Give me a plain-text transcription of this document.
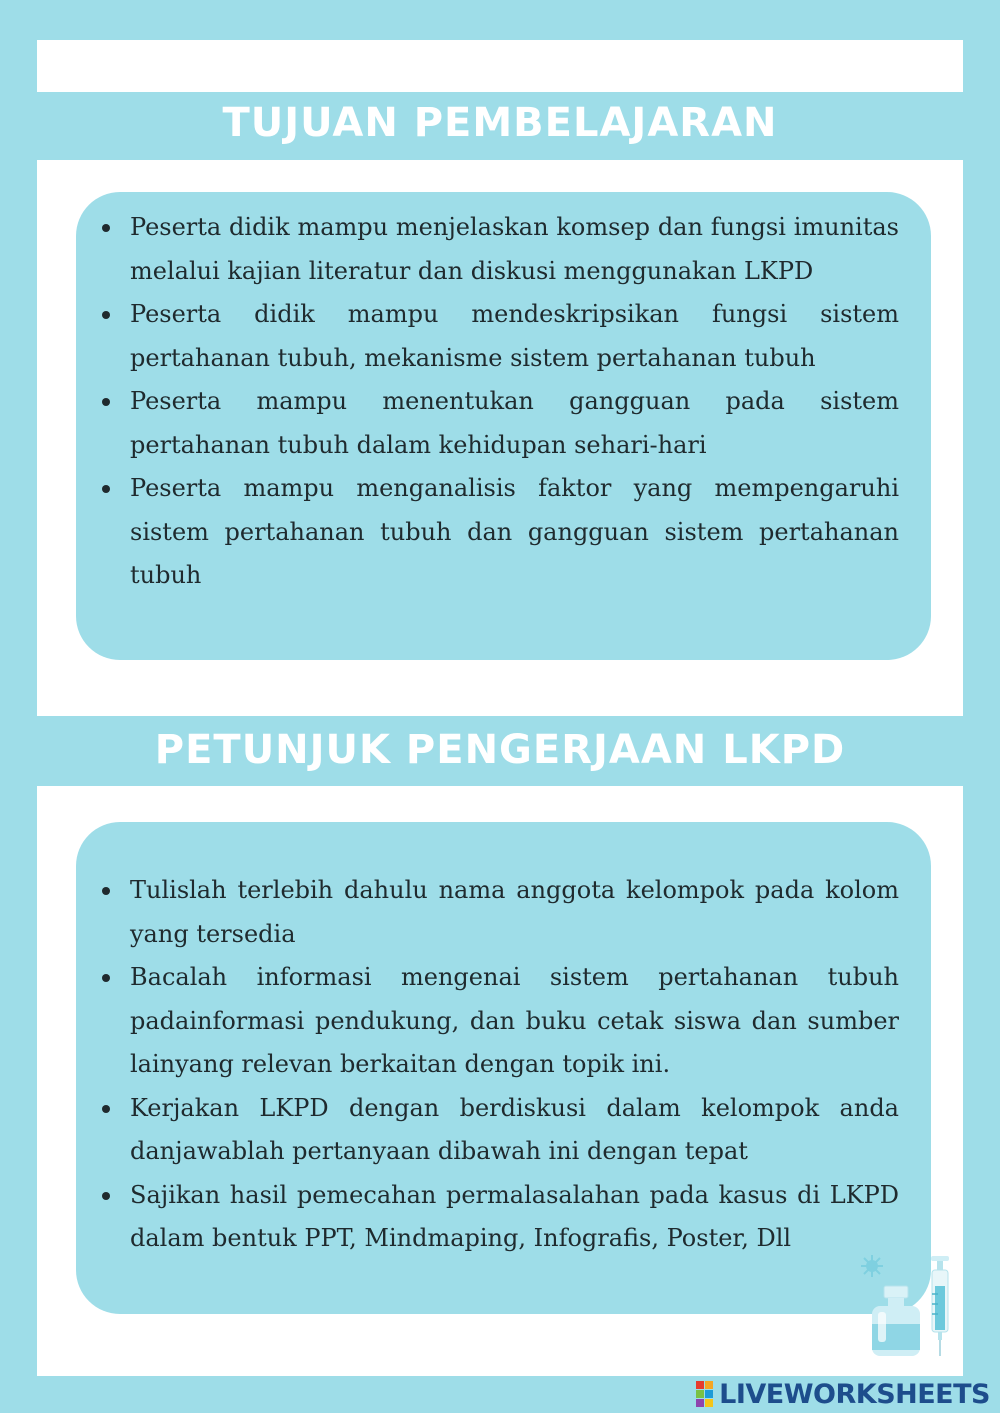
TUJUAN PEMBELAJARAN
Peserta didik mampu menjelaskan komsep dan fungsi imunitas melalui kajian literatur dan diskusi menggunakan LKPD
Peserta didik mampu mendeskripsikan fungsi sistem pertahanan tubuh, mekanisme sistem pertahanan tubuh
Peserta mampu menentukan gangguan pada sistem pertahanan tubuh dalam kehidupan sehari-hari
Peserta mampu menganalisis faktor yang mempengaruhi sistem pertahanan tubuh dan gangguan sistem pertahanan tubuh
PETUNJUK PENGERJAAN LKPD
Tulislah terlebih dahulu nama anggota kelompok pada kolom yang tersedia
Bacalah informasi mengenai sistem pertahanan tubuh padainformasi pendukung, dan buku cetak siswa dan sumber lainyang relevan berkaitan dengan topik ini.
Kerjakan LKPD dengan berdiskusi dalam kelompok anda danjawablah pertanyaan dibawah ini dengan tepat
Sajikan hasil pemecahan permalasalahan pada kasus di LKPD dalam bentuk PPT, Mindmaping, Infografis, Poster, Dll
LIVEWORKSHEETS
